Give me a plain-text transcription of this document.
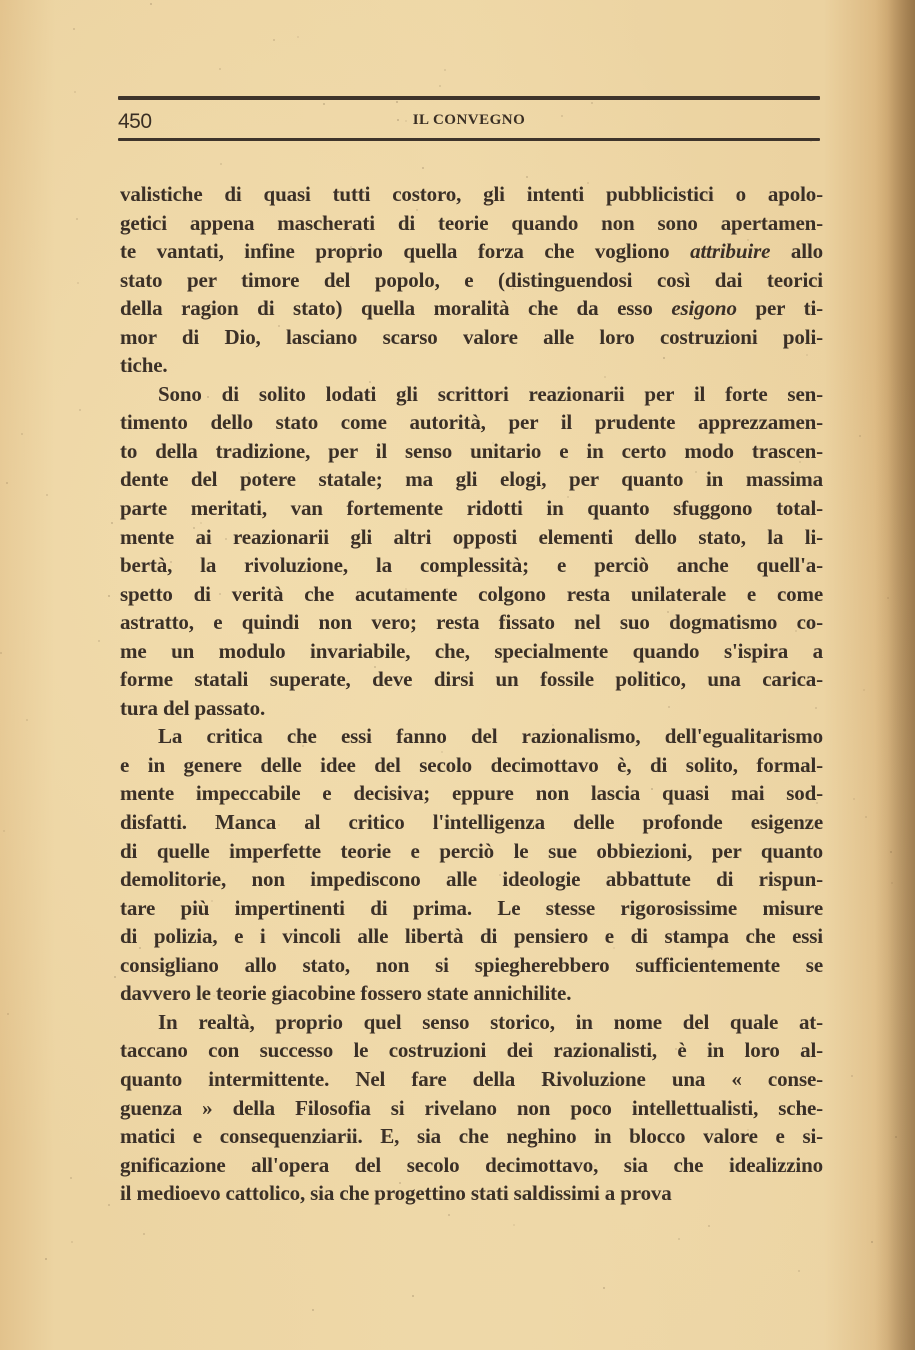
450	IL CONVEGNO
valistiche di quasi tutti costoro, gli intenti pubblicistici o apolo-
getici appena mascherati di teorie quando non sono apertamen-
te vantati, infine proprio quella forza che vogliono attribuire allo
stato per timore del popolo, e (distinguendosi così dai teorici
della ragion di stato) quella moralità che da esso esigono per ti-
mor di Dio, lasciano scarso valore alle loro costruzioni poli-
tiche.
Sono di solito lodati gli scrittori reazionarii per il forte sen-
timento dello stato come autorità, per il prudente apprezzamen-
to della tradizione, per il senso unitario e in certo modo trascen-
dente del potere statale; ma gli elogi, per quanto in massima
parte meritati, van fortemente ridotti in quanto sfuggono total-
mente ai reazionarii gli altri opposti elementi dello stato, la li-
bertà, la rivoluzione, la complessità; e perciò anche quell'a-
spetto di verità che acutamente colgono resta unilaterale e come
astratto, e quindi non vero; resta fissato nel suo dogmatismo co-
me un modulo invariabile, che, specialmente quando s'ispira a
forme statali superate, deve dirsi un fossile politico, una carica-
tura del passato.
La critica che essi fanno del razionalismo, dell'egualitarismo
e in genere delle idee del secolo decimottavo è, di solito, formal-
mente impeccabile e decisiva; eppure non lascia quasi mai sod-
disfatti. Manca al critico l'intelligenza delle profonde esigenze
di quelle imperfette teorie e perciò le sue obbiezioni, per quanto
demolitorie, non impediscono alle ideologie abbattute di rispun-
tare più impertinenti di prima. Le stesse rigorosissime misure
di polizia, e i vincoli alle libertà di pensiero e di stampa che essi
consigliano allo stato, non si spiegherebbero sufficientemente se
davvero le teorie giacobine fossero state annichilite.
In realtà, proprio quel senso storico, in nome del quale at-
taccano con successo le costruzioni dei razionalisti, è in loro al-
quanto intermittente. Nel fare della Rivoluzione una « conse-
guenza » della Filosofia si rivelano non poco intellettualisti, sche-
matici e consequenziarii. E, sia che neghino in blocco valore e si-
gnificazione all'opera del secolo decimottavo, sia che idealizzino
il medioevo cattolico, sia che progettino stati saldissimi a prova
